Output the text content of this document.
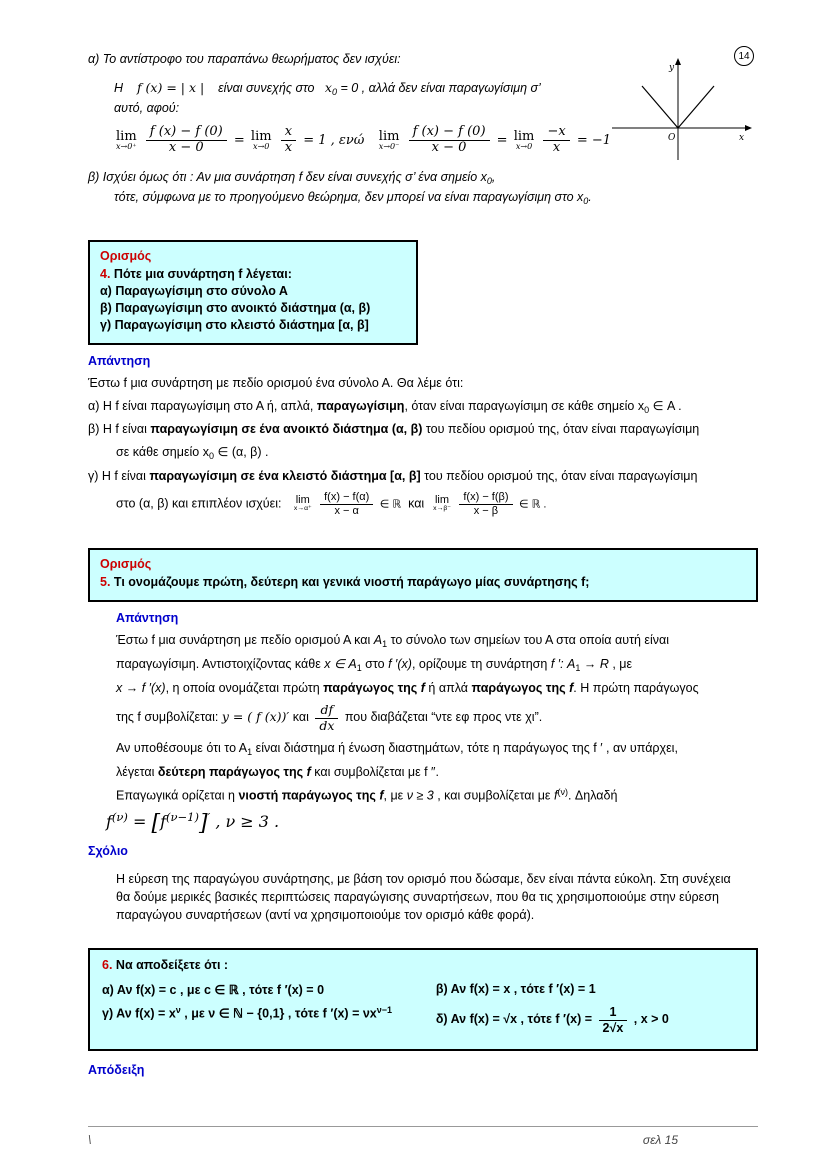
14
y
x
O

α) Το αντίστροφο του παραπάνω θεωρήματος δεν ισχύει:

Η f (x) = | x | είναι συνεχής στο $x_0 = 0$ , αλλά δεν είναι παραγωγίσιμη σ’

αυτό, αφού:

lim
x→0⁺
$\frac{f (x) - f (0)}{x - 0} = \lim$
x→0
$\frac{x}{x} = 1$ , ενώ lim
x→0⁻
$\frac{f (x) - f (0)}{x - 0} = \lim$
x→0
$\frac{-x}{x} = -1$

β) Ισχύει όμως ότι : Αν μια συνάρτηση f δεν είναι συνεχής σ’ ένα σημείο $x_0$,

τότε, σύμφωνα με το προηγούμενο θεώρημα, δεν μπορεί να είναι παραγωγίσιμη στο $x_0$.

Ορισμός

4. Πότε μια συνάρτηση f λέγεται:

α) Παραγωγίσιμη στο σύνολο Α

β) Παραγωγίσιμη στο ανοικτό διάστημα (α, β)

γ) Παραγωγίσιμη στο κλειστό διάστημα [α, β]

Απάντηση

Έστω f μια συνάρτηση με πεδίο ορισμού ένα σύνολο Α. Θα λέμε ότι:

α) Η f είναι παραγωγίσιμη στο Α ή, απλά, παραγωγίσιμη, όταν είναι παραγωγίσιμη σε κάθε σημείο $x_0$ ∈ Α .

β) Η f είναι παραγωγίσιμη σε ένα ανοικτό διάστημα (α, β) του πεδίου ορισμού της, όταν είναι παραγωγίσιμη

σε κάθε σημείο $x_0$ ∈ (α, β) .

γ) Η f είναι παραγωγίσιμη σε ένα κλειστό διάστημα [α, β] του πεδίου ορισμού της, όταν είναι παραγωγίσιμη

στο (α, β) και επιπλέον ισχύει: lim
x→α⁺
$\frac{f(x) - f(\alpha)}{x - \alpha}$ ∈ ℝ και lim
x→β⁻
$\frac{f(x) - f(\beta)}{x - \beta}$ ∈ ℝ .

Ορισμός

5. Τι ονομάζουμε πρώτη, δεύτερη και γενικά νιοστή παράγωγο μίας συνάρτησης f;

Απάντηση

Έστω f μια συνάρτηση με πεδίο ορισμού Α και $A_1$ το σύνολο των σημείων του Α στα οποία αυτή είναι

παραγωγίσιμη. Αντιστοιχίζοντας κάθε x ∈ $A_1$ στο f ′(x), ορίζουμε τη συνάρτηση f ′: $A_1 \to R$ , με

x → f ′(x), η οποία ονομάζεται πρώτη παράγωγος της f ή απλά παράγωγος της f. Η πρώτη παράγωγος

της f συμβολίζεται: y = ( f (x))′ και $\frac{df}{dx}$ που διαβάζεται “ντε εφ προς ντε χι”.

Αν υποθέσουμε ότι το $A_1$ είναι διάστημα ή ένωση διαστημάτων, τότε η παράγωγος της f ′ , αν υπάρχει,

λέγεται δεύτερη παράγωγος της f και συμβολίζεται με f ″.

Επαγωγικά ορίζεται η νιοστή παράγωγος της f, με ν ≥ 3 , και συμβολίζεται με $f^{(\nu)}$. Δηλαδή

$f^{(\nu)} = [f^{(\nu-1)}]'$ , ν ≥ 3 .

Σχόλιο

Η εύρεση της παραγώγου συνάρτησης, με βάση τον ορισμό που δώσαμε, δεν είναι πάντα εύκολη. Στη συνέχεια

θα δούμε μερικές βασικές περιπτώσεις παραγώγισης συναρτήσεων, που θα τις χρησιμοποιούμε στην εύρεση

παραγώγου συναρτήσεων (αντί να χρησιμοποιούμε τον ορισμό κάθε φορά).

6. Να αποδείξετε ότι :
α) Αν f(x) = c , με c ∈ ℝ , τότε f ′(x) = 0	β) Αν f(x) = x , τότε f ′(x) = 1
γ) Αν $f(x) = x^\nu$ , με ν ∈ ℕ − {0,1} , τότε f $'(x) = \nu x^{\nu-1}$	δ) Αν f(x) = √x , τότε f $'(x) = \frac{1}{2√x}$ , x > 0
Απόδειξη
\	σελ 15
